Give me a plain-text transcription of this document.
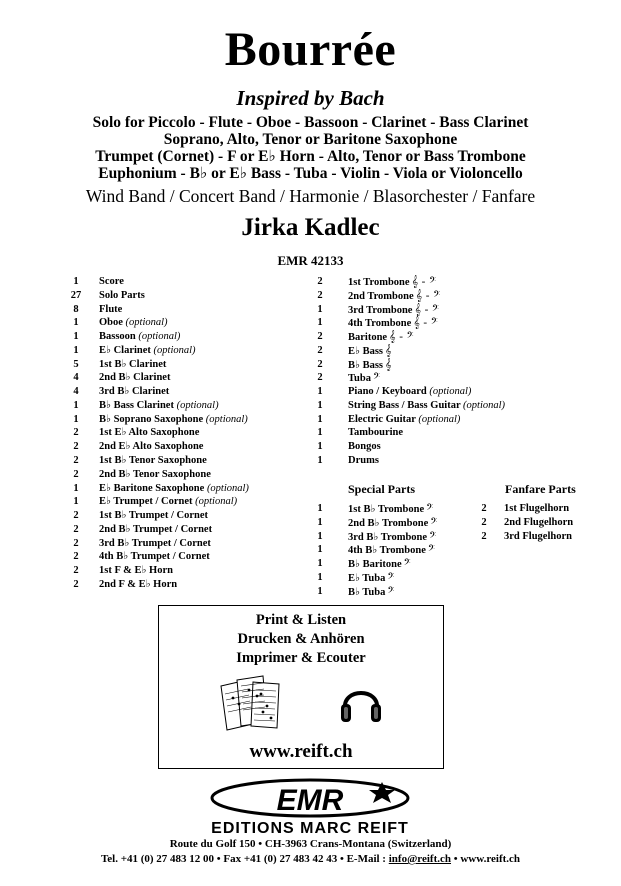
Bourrée
Inspired by Bach
Solo for Piccolo - Flute - Oboe - Bassoon - Clarinet - Bass Clarinet
Soprano, Alto, Tenor or Baritone Saxophone
Trumpet (Cornet) - F or E♭ Horn - Alto, Tenor or Bass Trombone
Euphonium - B♭ or E♭ Bass - Tuba - Violin - Viola or Violoncello
Wind Band / Concert Band / Harmonie / Blasorchester / Fanfare
Jirka Kadlec
EMR 42133
1	Score
27	Solo Parts
8	Flute
1	Oboe (optional)
1	Bassoon (optional)
1	E♭ Clarinet (optional)
5	1st B♭ Clarinet
4	2nd B♭ Clarinet
4	3rd B♭ Clarinet
1	B♭ Bass Clarinet (optional)
1	B♭ Soprano Saxophone (optional)
2	1st E♭ Alto Saxophone
2	2nd E♭ Alto Saxophone
2	1st B♭ Tenor Saxophone
2	2nd B♭ Tenor Saxophone
1	E♭ Baritone Saxophone (optional)
1	E♭ Trumpet / Cornet (optional)
2	1st B♭ Trumpet / Cornet
2	2nd B♭ Trumpet / Cornet
2	3rd B♭ Trumpet / Cornet
2	4th B♭ Trumpet / Cornet
2	1st F & E♭ Horn
2	2nd F & E♭ Horn
2	1st Trombone 𝄞 - 𝄢
2	2nd Trombone 𝄞 - 𝄢
1	3rd Trombone 𝄞 - 𝄢
1	4th Trombone 𝄞 - 𝄢
2	Baritone 𝄞 - 𝄢
2	E♭ Bass 𝄞
2	B♭ Bass 𝄞
2	Tuba 𝄢
1	Piano / Keyboard (optional)
1	String Bass / Bass Guitar (optional)
1	Electric Guitar (optional)
1	Tambourine
1	Bongos
1	Drums
Special Parts
1	1st B♭ Trombone 𝄢
1	2nd B♭ Trombone 𝄢
1	3rd B♭ Trombone 𝄢
1	4th B♭ Trombone 𝄢
1	B♭ Baritone 𝄢
1	E♭ Tuba 𝄢
1	B♭ Tuba 𝄢
Fanfare Parts
2	1st Flugelhorn
2	2nd Flugelhorn
2	3rd Flugelhorn
Print & Listen
Drucken & Anhören
Imprimer & Ecouter
www.reift.ch
EMR
EDITIONS MARC REIFT
Route du Golf 150 • CH-3963 Crans-Montana (Switzerland)
Tel. +41 (0) 27 483 12 00 • Fax +41 (0) 27 483 42 43 • E-Mail : info@reift.ch • www.reift.ch
